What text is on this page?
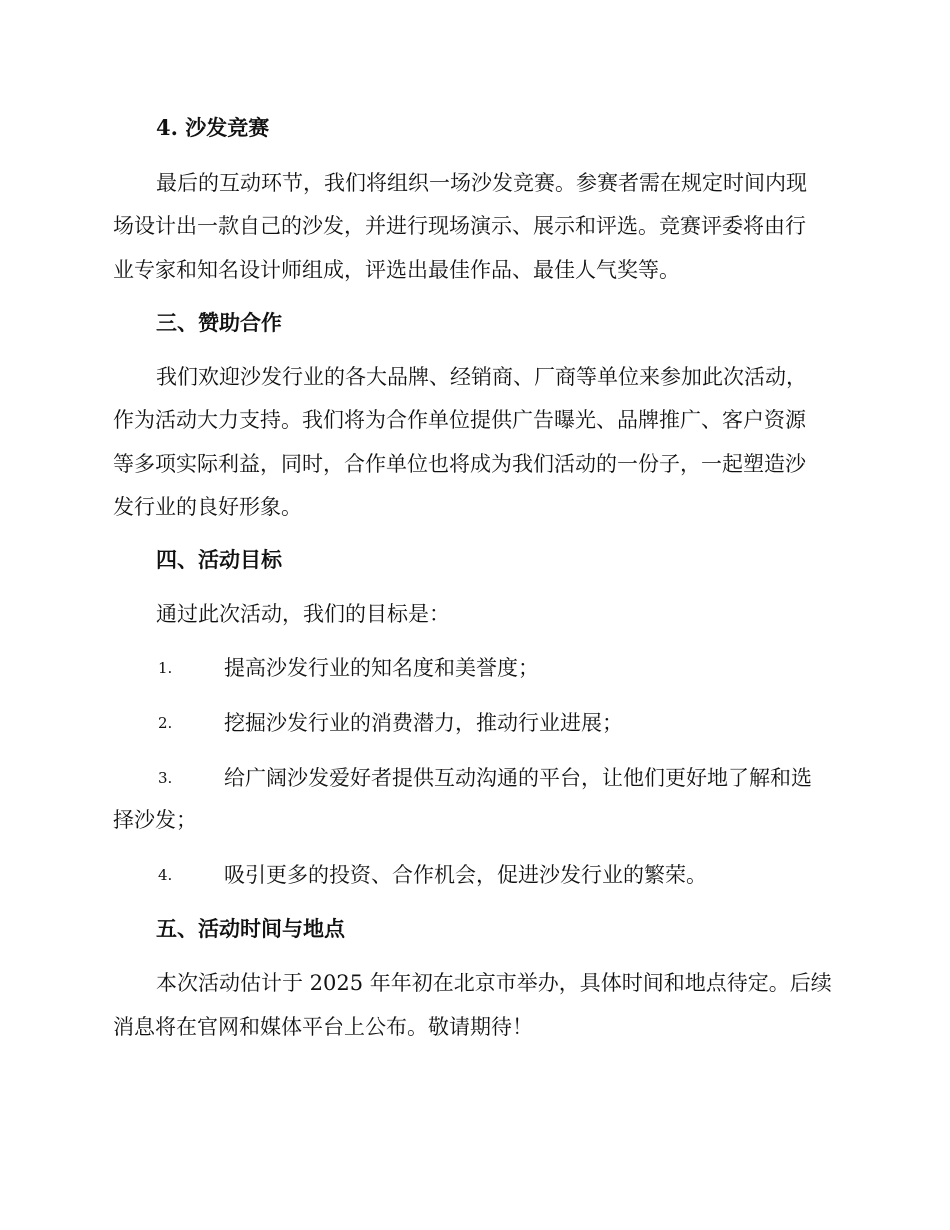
4. 沙发竞赛
最后的互动环节，我们将组织一场沙发竞赛。参赛者需在规定时间内现
场设计出一款自己的沙发，并进行现场演示、展示和评选。竞赛评委将由行
业专家和知名设计师组成，评选出最佳作品、最佳人气奖等。
三、赞助合作
我们欢迎沙发行业的各大品牌、经销商、厂商等单位来参加此次活动，
作为活动大力支持。我们将为合作单位提供广告曝光、品牌推广、客户资源
等多项实际利益，同时，合作单位也将成为我们活动的一份子，一起塑造沙
发行业的良好形象。
四、活动目标
通过此次活动，我们的目标是：
1. 提高沙发行业的知名度和美誉度；
2. 挖掘沙发行业的消费潜力，推动行业进展；
3. 给广阔沙发爱好者提供互动沟通的平台，让他们更好地了解和选
择沙发；
4. 吸引更多的投资、合作机会，促进沙发行业的繁荣。
五、活动时间与地点
本次活动估计于 2025 年年初在北京市举办，具体时间和地点待定。后续
消息将在官网和媒体平台上公布。敬请期待！
